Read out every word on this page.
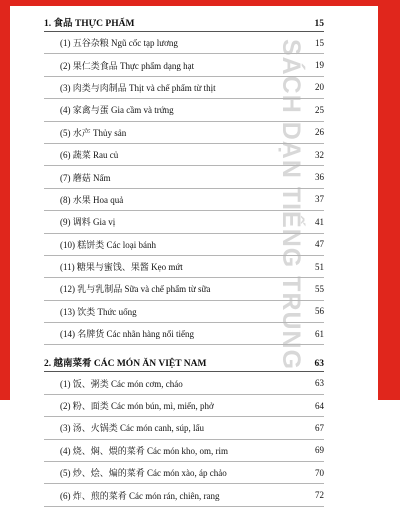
SÁCH DẠN TIẾNG TRUNG
1. 食品 THỰC PHẨM	15
(1) 五谷杂粮 Ngũ cốc tạp lương	15
(2) 果仁类食品 Thực phẩm dạng hạt	19
(3) 肉类与肉制品 Thịt và chế phẩm từ thịt	20
(4) 家禽与蛋 Gia cầm và trứng	25
(5) 水产 Thủy sản	26
(6) 蔬菜 Rau củ	32
(7) 蘑菇 Nấm	36
(8) 水果 Hoa quả	37
(9) 调料 Gia vị	41
(10) 糕饼类 Các loại bánh	47
(11) 糖果与蜜饯、果酱 Kẹo mứt	51
(12) 乳与乳制品 Sữa và chế phẩm từ sữa	55
(13) 饮类 Thức uống	56
(14) 名牌货 Các nhãn hàng nổi tiếng	61
2. 越南菜肴 CÁC MÓN ĂN VIỆT NAM	63
(1) 饭、粥类 Các món cơm, cháo	63
(2) 粉、面类 Các món bún, mì, miến, phở	64
(3) 汤、火锅类 Các món canh, súp, lẩu	67
(4) 烧、焖、煨的菜肴 Các món kho, om, rim	69
(5) 炒、烩、煸的菜肴 Các món xào, áp chảo	70
(6) 炸、煎的菜肴 Các món rán, chiên, rang	72
